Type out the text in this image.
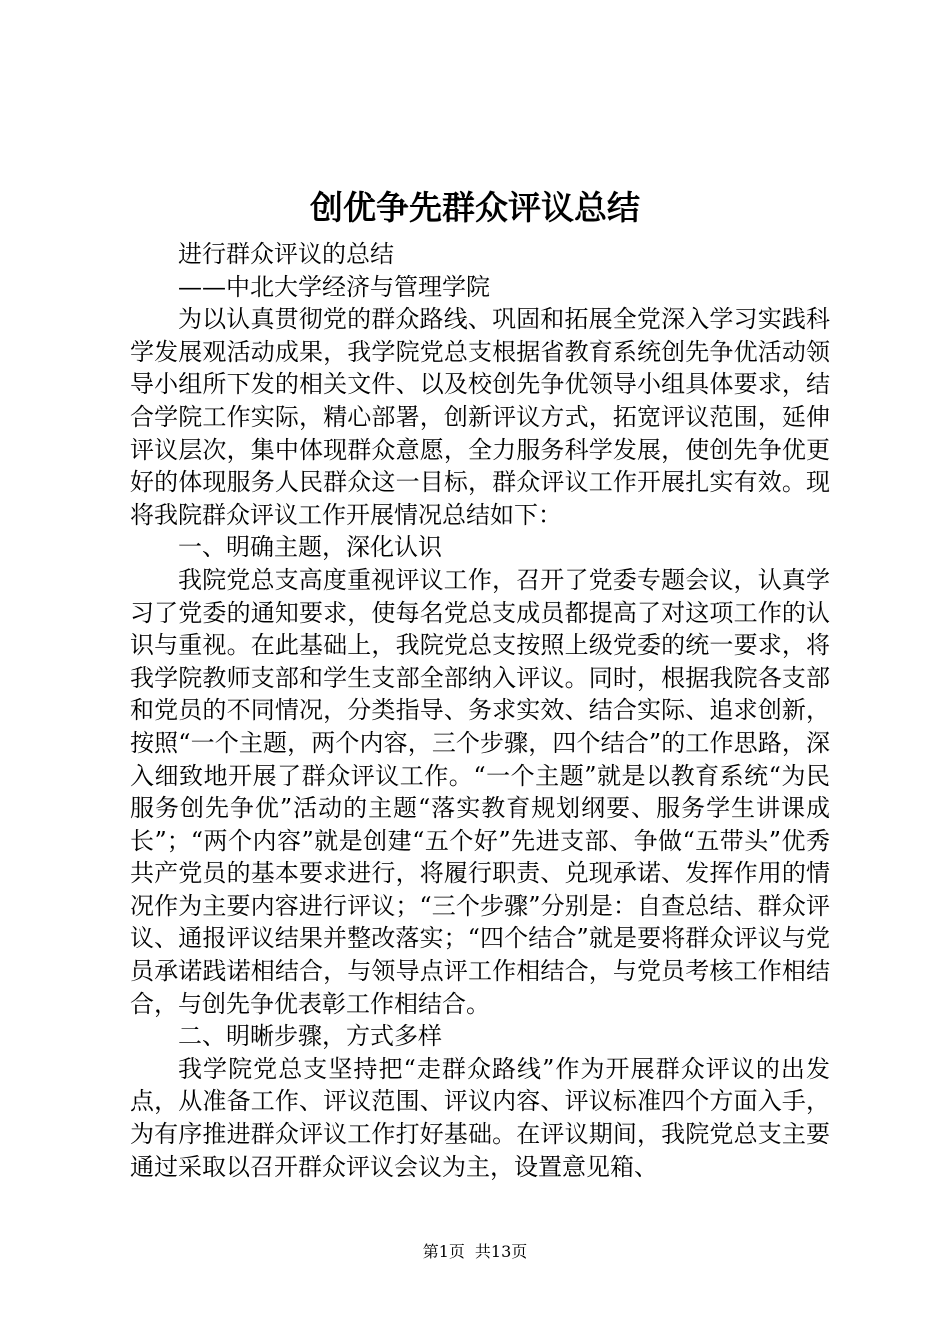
创优争先群众评议总结

进行群众评议的总结

——中北大学经济与管理学院

为以认真贯彻党的群众路线、巩固和拓展全党深入学习实践科学发展观活动成果，我学院党总支根据省教育系统创先争优活动领导小组所下发的相关文件、以及校创先争优领导小组具体要求，结合学院工作实际，精心部署，创新评议方式，拓宽评议范围，延伸评议层次，集中体现群众意愿，全力服务科学发展，使创先争优更好的体现服务人民群众这一目标，群众评议工作开展扎实有效。现将我院群众评议工作开展情况总结如下：

一、明确主题，深化认识

我院党总支高度重视评议工作，召开了党委专题会议，认真学习了党委的通知要求，使每名党总支成员都提高了对这项工作的认识与重视。在此基础上，我院党总支按照上级党委的统一要求，将我学院教师支部和学生支部全部纳入评议。同时，根据我院各支部和党员的不同情况，分类指导、务求实效、结合实际、追求创新，按照“一个主题，两个内容，三个步骤，四个结合”的工作思路，深入细致地开展了群众评议工作。“一个主题”就是以教育系统“为民服务创先争优”活动的主题“落实教育规划纲要、服务学生讲课成长”；“两个内容”就是创建“五个好”先进支部、争做“五带头”优秀共产党员的基本要求进行，将履行职责、兑现承诺、发挥作用的情况作为主要内容进行评议；“三个步骤”分别是：自查总结、群众评议、通报评议结果并整改落实；“四个结合”就是要将群众评议与党员承诺践诺相结合，与领导点评工作相结合，与党员考核工作相结合，与创先争优表彰工作相结合。

二、明晰步骤，方式多样

我学院党总支坚持把“走群众路线”作为开展群众评议的出发点，从准备工作、评议范围、评议内容、评议标准四个方面入手，为有序推进群众评议工作打好基础。在评议期间，我院党总支主要通过采取以召开群众评议会议为主，设置意见箱、

第1页 共13页
